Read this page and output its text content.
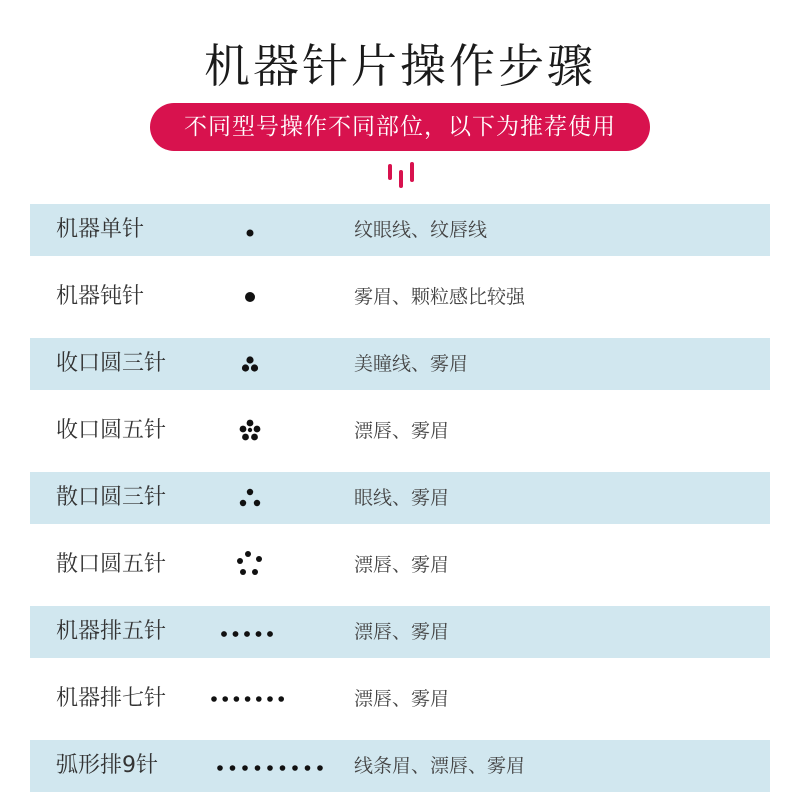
机器针片操作步骤
不同型号操作不同部位，以下为推荐使用
机器单针	纹眼线、纹唇线
机器钝针	雾眉、颗粒感比较强
收口圆三针	美瞳线、雾眉
收口圆五针	漂唇、雾眉
散口圆三针	眼线、雾眉
散口圆五针	漂唇、雾眉
机器排五针	漂唇、雾眉
机器排七针	漂唇、雾眉
弧形排9针	线条眉、漂唇、雾眉
